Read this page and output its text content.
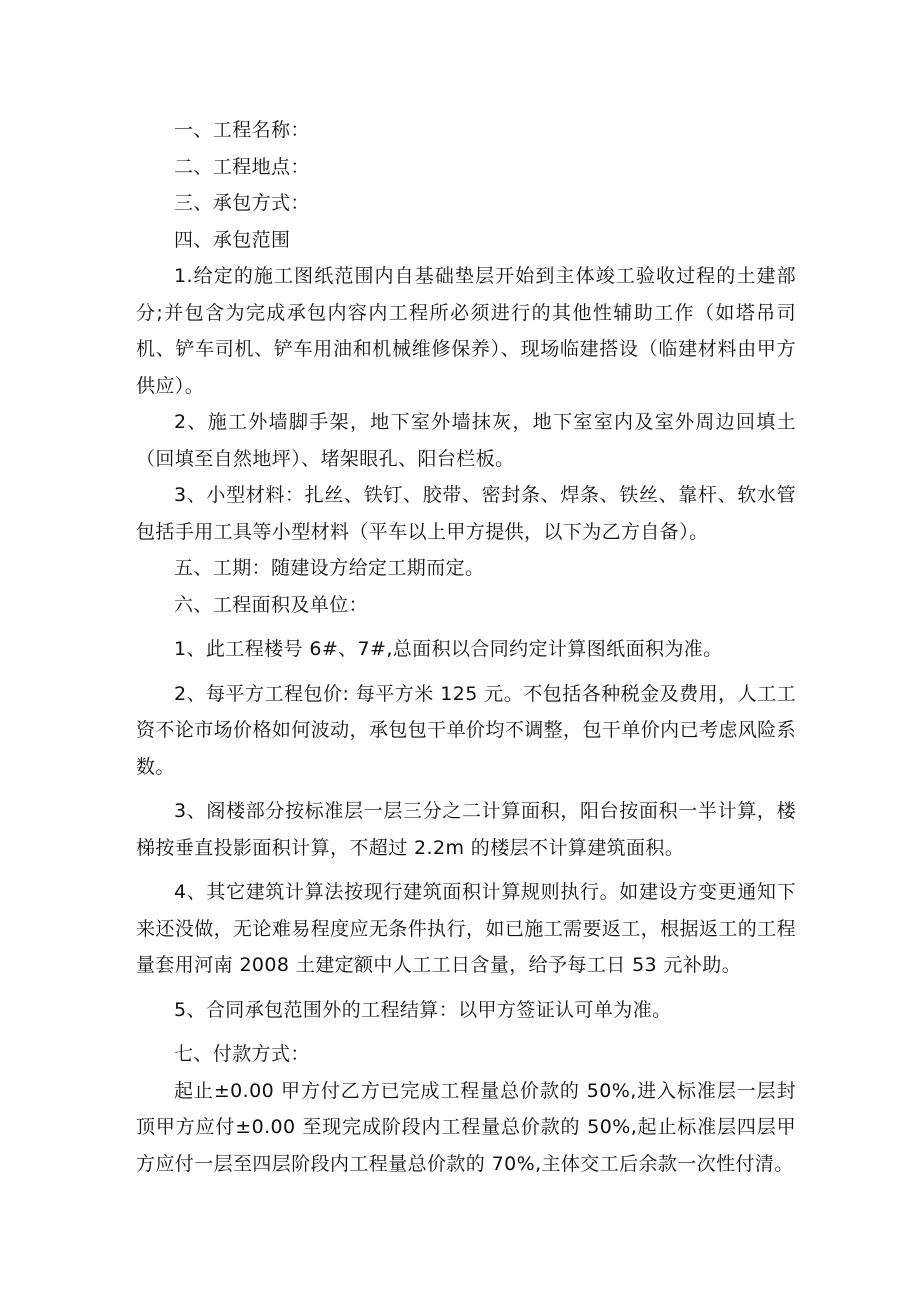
一、工程名称：

二、工程地点：

三、承包方式：

四、承包范围

1.给定的施工图纸范围内自基础垫层开始到主体竣工验收过程的土建部分;并包含为完成承包内容内工程所必须进行的其他性辅助工作（如塔吊司机、铲车司机、铲车用油和机械维修保养）、现场临建搭设（临建材料由甲方供应）。

2、施工外墙脚手架，地下室外墙抹灰，地下室室内及室外周边回填土（回填至自然地坪）、堵架眼孔、阳台栏板。

3、小型材料：扎丝、铁钉、胶带、密封条、焊条、铁丝、靠杆、软水管包括手用工具等小型材料（平车以上甲方提供，以下为乙方自备）。

五、工期：随建设方给定工期而定。

六、工程面积及单位：

1、此工程楼号 6#、7#,总面积以合同约定计算图纸面积为准。

2、每平方工程包价: 每平方米 125 元。不包括各种税金及费用，人工工资不论市场价格如何波动，承包包干单价均不调整，包干单价内已考虑风险系数。

3、阁楼部分按标准层一层三分之二计算面积，阳台按面积一半计算，楼梯按垂直投影面积计算，不超过 2.2m 的楼层不计算建筑面积。

4、其它建筑计算法按现行建筑面积计算规则执行。如建设方变更通知下来还没做，无论难易程度应无条件执行，如已施工需要返工，根据返工的工程量套用河南 2008 土建定额中人工工日含量，给予每工日 53 元补助。

5、合同承包范围外的工程结算：以甲方签证认可单为准。

七、付款方式：

起止±0.00 甲方付乙方已完成工程量总价款的 50%,进入标准层一层封顶甲方应付±0.00 至现完成阶段内工程量总价款的 50%,起止标准层四层甲方应付一层至四层阶段内工程量总价款的 70%,主体交工后余款一次性付清。
